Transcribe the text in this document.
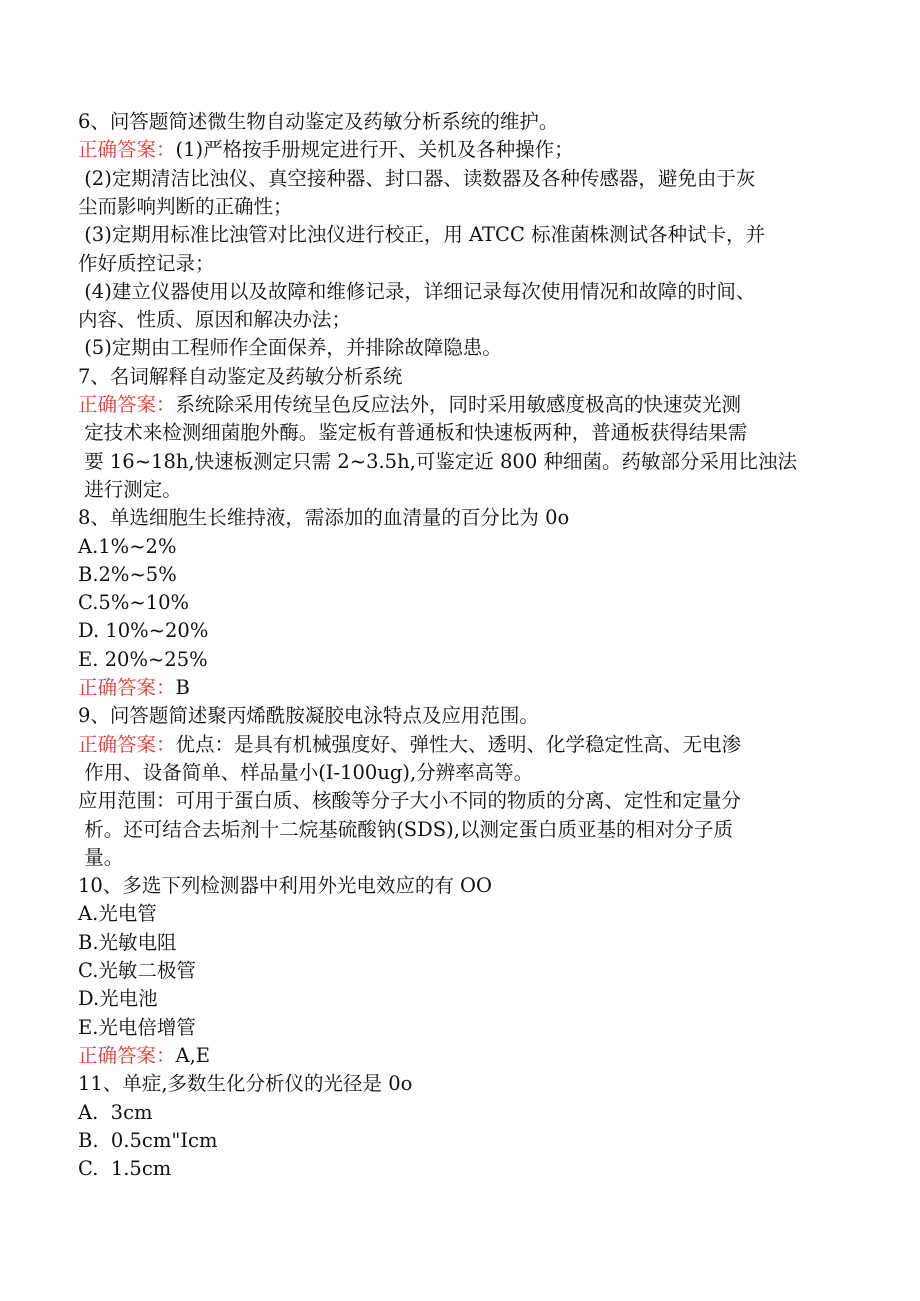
6、问答题简述微生物自动鉴定及药敏分析系统的维护。
正确答案：(1)严格按手册规定进行开、关机及各种操作；
(2)定期清洁比浊仪、真空接种器、封口器、读数器及各种传感器，避免由于灰
尘而影响判断的正确性；
(3)定期用标准比浊管对比浊仪进行校正，用 ATCC 标准菌株测试各种试卡，并
作好质控记录；
(4)建立仪器使用以及故障和维修记录，详细记录每次使用情况和故障的时间、
内容、性质、原因和解决办法；
(5)定期由工程师作全面保养，并排除故障隐患。
7、名词解释自动鉴定及药敏分析系统
正确答案：系统除采用传统呈色反应法外，同时采用敏感度极高的快速荧光测
定技术来检测细菌胞外酶。鉴定板有普通板和快速板两种，普通板获得结果需
要 16~18h,快速板测定只需 2~3.5h,可鉴定近 800 种细菌。药敏部分采用比浊法
进行测定。
8、单选细胞生长维持液，需添加的血清量的百分比为 0o
A.1%~2%
B.2%~5%
C.5%~10%
D. 10%~20%
E. 20%~25%
正确答案：B
9、问答题简述聚丙烯酰胺凝胶电泳特点及应用范围。
正确答案：优点：是具有机械强度好、弹性大、透明、化学稳定性高、无电渗
作用、设备简单、样品量小(I-100ug),分辨率高等。
应用范围：可用于蛋白质、核酸等分子大小不同的物质的分离、定性和定量分
析。还可结合去垢剂十二烷基硫酸钠(SDS),以测定蛋白质亚基的相对分子质
量。
10、多选下列检测器中利用外光电效应的有 OO
A.光电管
B.光敏电阻
C.光敏二极管
D.光电池
E.光电倍增管
正确答案：A,E
11、单症,多数生化分析仪的光径是 0o
A.  3cm
B.  0.5cm"Icm
C.  1.5cm
